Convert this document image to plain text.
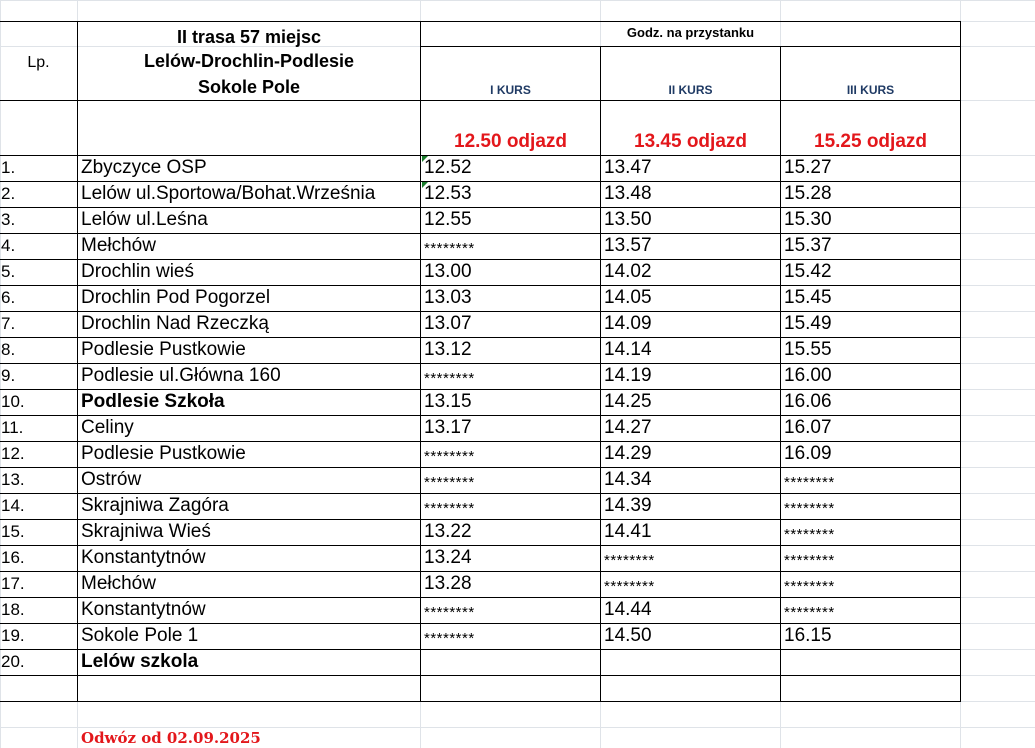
Lp.
II trasa 57 miejsc
Lelów-Drochlin-Podlesie
Sokole Pole
Godz. na przystanku
I KURS	II KURS	III KURS
12.50 odjazd	13.45 odjazd	15.25 odjazd
1.	Zbyczyce OSP	12.52	13.47	15.27
2.	Lelów ul.Sportowa/Bohat.Września	12.53	13.48	15.28
3.	Lelów ul.Leśna	12.55	13.50	15.30
4.	Mełchów	********	13.57	15.37
5.	Drochlin wieś	13.00	14.02	15.42
6.	Drochlin Pod Pogorzel	13.03	14.05	15.45
7.	Drochlin Nad Rzeczką	13.07	14.09	15.49
8.	Podlesie Pustkowie	13.12	14.14	15.55
9.	Podlesie ul.Główna 160	********	14.19	16.00
10.	Podlesie Szkoła	13.15	14.25	16.06
11.	Celiny	13.17	14.27	16.07
12.	Podlesie Pustkowie	********	14.29	16.09
13.	Ostrów	********	14.34	********
14.	Skrajniwa Zagóra	********	14.39	********
15.	Skrajniwa Wieś	13.22	14.41	********
16.	Konstantytnów	13.24	********	********
17.	Mełchów	13.28	********	********
18.	Konstantytnów	********	14.44	********
19.	Sokole Pole 1	********	14.50	16.15
20.	Lelów szkola
Odwóz od 02.09.2025
